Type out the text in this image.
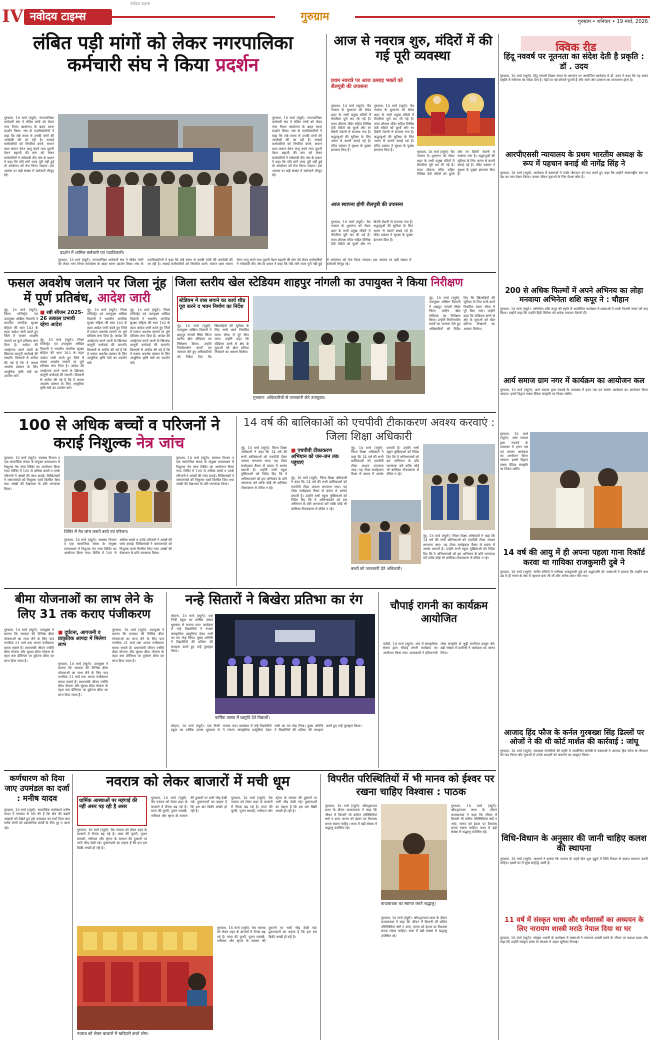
नवोदय टाइम्स
IV नवोदय टाइम्स	गुरुग्राम	गुरुग्राम • शनिवार • 19 मार्च, 2026
लंबित पड़ी मांगों को लेकर नगरपालिका
कर्मचारी संघ ने किया प्रदर्शन
गुरुग्राम, 18 मार्च (ब्यूरो): नगरपालिका कर्मचारी संघ ने लंबित मांगों को लेकर नगर निगम कार्यालय के बाहर धरना प्रदर्शन किया। संघ के पदाधिकारियों ने कहा कि लंबे समय से उनकी मांगों की अनदेखी की जा रही है। सफाई कर्मचारियों को नियमित करने, समान काम समान वेतन लागू करने तथा पुरानी पेंशन बहाली की मांग को लेकर कर्मचारियों ने नारेबाजी की। संघ के प्रधान ने कहा कि यदि मांगें जल्द पूरी नहीं हुईं तो आंदोलन को तेज किया जाएगा। इस अवसर पर बड़ी संख्या में कर्मचारी मौजूद रहे।
प्रदर्शन में शामिल कर्मचारी एवं पदाधिकारी।
गुरुग्राम, 18 मार्च (ब्यूरो): नगरपालिका कर्मचारी संघ ने लंबित मांगों को लेकर नगर निगम कार्यालय के बाहर धरना प्रदर्शन किया। संघ के पदाधिकारियों ने कहा कि लंबे समय से उनकी मांगों की अनदेखी की जा रही है। सफाई कर्मचारियों को नियमित करने, समान काम समान वेतन लागू करने तथा पुरानी पेंशन बहाली की मांग को लेकर कर्मचारियों ने नारेबाजी की। संघ के प्रधान ने कहा कि यदि मांगें जल्द पूरी नहीं हुईं तो आंदोलन को तेज किया जाएगा। इस अवसर पर बड़ी संख्या में कर्मचारी मौजूद रहे।
गुरुग्राम, 18 मार्च (ब्यूरो): नगरपालिका कर्मचारी संघ ने लंबित मांगों को लेकर नगर निगम कार्यालय के बाहर धरना प्रदर्शन किया। संघ के पदाधिकारियों ने कहा कि लंबे समय से उनकी मांगों की अनदेखी की जा रही है। सफाई कर्मचारियों को नियमित करने, समान काम समान वेतन लागू करने तथा पुरानी पेंशन बहाली की मांग को लेकर कर्मचारियों ने नारेबाजी की। संघ के प्रधान ने कहा कि यदि मांगें जल्द पूरी नहीं हुईं तो आंदोलन को तेज किया जाएगा। इस अवसर पर बड़ी संख्या में कर्मचारी मौजूद रहे।
आज से नवरात्र शुरु, मंदिरों में की गई पूरी व्यवस्था
प्रथम नवरात्रे पर आज उत्साह भक्तों को शैलपुत्री की उपासना
गुरुग्राम, 18 मार्च (ब्यूरो): चैत्र नवरात्र के शुभारंभ को लेकर शहर के सभी प्रमुख मंदिरों में तैयारियां पूरी कर ली गई हैं। माता शीतला मंदिर सहित विभिन्न देवी मंदिरों को फूलों और रंग बिरंगी रोशनी से सजाया गया है। श्रद्धालुओं की सुविधा के लिए अलग से कतारें बनाई गई हैं। मंदिर प्रबंधन ने सुरक्षा के पुख्ता इंतजाम किए हैं।
गुरुग्राम, 18 मार्च (ब्यूरो): चैत्र नवरात्र के शुभारंभ को लेकर शहर के सभी प्रमुख मंदिरों में तैयारियां पूरी कर ली गई हैं। माता शीतला मंदिर सहित विभिन्न देवी मंदिरों को फूलों और रंग बिरंगी रोशनी से सजाया गया है। श्रद्धालुओं की सुविधा के लिए अलग से कतारें बनाई गई हैं। मंदिर प्रबंधन ने सुरक्षा के पुख्ता इंतजाम किए हैं।
आज स्थापना होगी शैलपुत्री की उपासना
गुरुग्राम, 18 मार्च (ब्यूरो): चैत्र नवरात्र के शुभारंभ को लेकर शहर के सभी प्रमुख मंदिरों में तैयारियां पूरी कर ली गई हैं। माता शीतला मंदिर सहित विभिन्न देवी मंदिरों को फूलों और रंग बिरंगी रोशनी से सजाया गया है। श्रद्धालुओं की सुविधा के लिए अलग से कतारें बनाई गई हैं। मंदिर प्रबंधन ने सुरक्षा के पुख्ता इंतजाम किए हैं।
गुरुग्राम, 18 मार्च (ब्यूरो): चैत्र नवरात्र के शुभारंभ को लेकर शहर के सभी प्रमुख मंदिरों में तैयारियां पूरी कर ली गई हैं। माता शीतला मंदिर सहित विभिन्न देवी मंदिरों को फूलों और रंग बिरंगी रोशनी से सजाया गया है। श्रद्धालुओं की सुविधा के लिए अलग से कतारें बनाई गई हैं। मंदिर प्रबंधन ने सुरक्षा के पुख्ता इंतजाम किए हैं।
क्विक रीड
हिंदू नववर्ष पर नूतनता का संदेश देती है प्रकृति : डॉ . उदय
गुरुग्राम, 18 मार्च (ब्यूरो): हिंदू नववर्ष विक्रम संवत के आगमन पर आयोजित कार्यक्रम में डॉ. उदय ने कहा कि यह समय प्रकृति में नवीनता का संदेश देता है। पेड़ों पर नई कोंपलें फूटती हैं और चारों ओर उल्लास का वातावरण होता है।
आरपीएससी न्यायालय के प्रथम भारतीय अध्यक्ष के रूप में पहचान बनाई थी नागेंद्र सिंह ने
गुरुग्राम, 18 मार्च (ब्यूरो): कार्यक्रम में वक्ताओं ने उनके योगदान को याद करते हुए कहा कि उन्होंने अंतरराष्ट्रीय स्तर पर देश का नाम रोशन किया। उनका जीवन युवाओं के लिए प्रेरणा स्रोत है।
200 से अधिक फिल्मों में अपने अभिनय का लोहा मनवाया अभिनेता शशि कपूर ने : चौहान
गुरुग्राम, 18 मार्च (ब्यूरो): अभिनेता शशि कपूर की स्मृति में आयोजित कार्यक्रम में वक्ताओं ने उनके फिल्मी सफर को याद किया। उन्होंने कहा कि उन्होंने हिंदी सिनेमा को अनेक यादगार फिल्में दीं।
आर्य समाज ग्राम नगर में कार्यक्रम का आयोजन कल
गुरुग्राम, 18 मार्च (ब्यूरो): आर्य समाज द्वारा नववर्ष के उपलक्ष्य में हवन यज्ञ एवं सत्संग कार्यक्रम का आयोजन किया जाएगा। इसमें विद्वान वक्ता वैदिक संस्कृति पर विचार रखेंगे।
गुरुग्राम, 18 मार्च (ब्यूरो): आर्य समाज द्वारा नववर्ष के उपलक्ष्य में हवन यज्ञ एवं सत्संग कार्यक्रम का आयोजन किया जाएगा। इसमें विद्वान वक्ता वैदिक संस्कृति पर विचार रखेंगे।
14 वर्ष की आयु में ही अपना पहला गाना रिकॉर्ड करवा था गायिका राजकुमारी दुबे ने
गुरुग्राम, 18 मार्च (ब्यूरो): संगीत प्रेमियों ने गायिका राजकुमारी दुबे को श्रद्धांजलि दी। वक्ताओं ने बताया कि उन्होंने कम उम्र में ही गायन के क्षेत्र में पहचान बना ली थी और अनेक अमर गीत गाए।
आजाद हिंद फौज के कर्नल गुरबख्श सिंह ढिल्लों पर ओजों ने की थी कोर्ट मार्शल की कार्रवाई : जांघू
गुरुग्राम, 18 मार्च (ब्यूरो): स्वतंत्रता सेनानियों की स्मृति में आयोजित संगोष्ठी में वक्ताओं ने आजाद हिंद फौज के योगदान को याद किया और युवाओं से उनके आदर्शों को अपनाने का आह्वान किया।
विधि-विधान के अनुसार की जानी चाहिए कलश की स्थापना
गुरुग्राम, 18 मार्च (ब्यूरो): आचार्य ने बताया कि नवरात्र के पहले दिन शुभ मुहूर्त में विधि विधान से कलश स्थापना करनी चाहिए। इससे घर में सुख समृद्धि आती है।
11 वर्ष में संस्कृत भाषा और धर्मशास्त्रों का अध्ययन के लिए नारायण शास्त्री मराठे नेपाल दिया था घर
गुरुग्राम, 18 मार्च (ब्यूरो): संस्कृत भारती के कार्यक्रम में वक्ताओं ने नारायण शास्त्री मराठे के जीवन पर प्रकाश डाला और कहा कि उन्होंने संस्कृत भाषा के संरक्षण में अहम भूमिका निभाई।
फसल अवशेष जलाने पर जिला नूंह में पूर्ण प्रतिबंध, आदेश जारी
नूंह, 18 मार्च (ब्यूरो): जिला मजिस्ट्रेट एवं उपायुक्त अखिल पिलानी ने भारतीय नागरिक सुरक्षा संहिता की धारा 163 के तहत आदेश जारी करते हुए जिले में फसल अवशेष जलाने पर पूर्ण प्रतिबंध लगा दिया है। आदेश की अवहेलना करने वालों के खिलाफ कानूनी कार्रवाई की जाएगी। किसानों से अपील की गई है कि वे फसल अवशेष प्रबंधन के लिए आधुनिक कृषि यंत्रों का उपयोग करें।
■ रबी सीजन 2025-26 तत्काल प्रभावी रहेगा आदेश
नूंह, 18 मार्च (ब्यूरो): जिला मजिस्ट्रेट एवं उपायुक्त अखिल पिलानी ने भारतीय नागरिक सुरक्षा संहिता की धारा 163 के तहत आदेश जारी करते हुए जिले में फसल अवशेष जलाने पर पूर्ण प्रतिबंध लगा दिया है। आदेश की अवहेलना करने वालों के खिलाफ कानूनी कार्रवाई की जाएगी। किसानों से अपील की गई है कि वे फसल अवशेष प्रबंधन के लिए आधुनिक कृषि यंत्रों का उपयोग करें।
नूंह, 18 मार्च (ब्यूरो): जिला मजिस्ट्रेट एवं उपायुक्त अखिल पिलानी ने भारतीय नागरिक सुरक्षा संहिता की धारा 163 के तहत आदेश जारी करते हुए जिले में फसल अवशेष जलाने पर पूर्ण प्रतिबंध लगा दिया है। आदेश की अवहेलना करने वालों के खिलाफ कानूनी कार्रवाई की जाएगी। किसानों से अपील की गई है कि वे फसल अवशेष प्रबंधन के लिए आधुनिक कृषि यंत्रों का उपयोग करें।
नूंह, 18 मार्च (ब्यूरो): जिला मजिस्ट्रेट एवं उपायुक्त अखिल पिलानी ने भारतीय नागरिक सुरक्षा संहिता की धारा 163 के तहत आदेश जारी करते हुए जिले में फसल अवशेष जलाने पर पूर्ण प्रतिबंध लगा दिया है। आदेश की अवहेलना करने वालों के खिलाफ कानूनी कार्रवाई की जाएगी। किसानों से अपील की गई है कि वे फसल अवशेष प्रबंधन के लिए आधुनिक कृषि यंत्रों का उपयोग करें।
जिला स्तरीय खेल स्टेडियम शाहपुर नांगली का उपायुक्त ने किया निरीक्षण
स्टेडियम में वास सगाने का कार्य शीघ्र पूरा करने व भवन निर्माण का निर्देश
नूंह, 18 मार्च (ब्यूरो): उपायुक्त अखिल पिलानी ने शाहपुर नांगली स्थित जिला स्तरीय खेल स्टेडियम का निरीक्षण किया। उन्होंने निर्माणाधीन कार्यों का जायजा लेते हुए अधिकारियों को निर्देश दिए कि खिलाड़ियों की सुविधा के लिए सभी कार्य निर्धारित समय सीमा में पूरे किए जाएं। उन्होंने कहा कि स्टेडियम बनने से क्षेत्र के युवाओं को खेल प्रतिभा निखारने का अवसर मिलेगा।
गुरुग्राम: अधिकारियों से जानकारी लेते उपायुक्त।
नूंह, 18 मार्च (ब्यूरो): उपायुक्त अखिल पिलानी ने शाहपुर नांगली स्थित जिला स्तरीय खेल स्टेडियम का निरीक्षण किया। उन्होंने निर्माणाधीन कार्यों का जायजा लेते हुए अधिकारियों को निर्देश दिए कि खिलाड़ियों की सुविधा के लिए सभी कार्य निर्धारित समय सीमा में पूरे किए जाएं। उन्होंने कहा कि स्टेडियम बनने से क्षेत्र के युवाओं को खेल प्रतिभा निखारने का अवसर मिलेगा।
100 से अधिक बच्चों व परिजनों ने कराई निशुल्क नेत्र जांच
गुरुग्राम, 18 मार्च (ब्यूरो): स्वास्थ्य विभाग व एक सामाजिक संस्था के संयुक्त तत्वावधान में निशुल्क नेत्र जांच शिविर का आयोजन किया गया। शिविर में 100 से अधिक बच्चों व उनके परिजनों ने आंखों की जांच कराई। चिकित्सकों ने जरूरतमंदों को निशुल्क चश्मे वितरित किए तथा आंखों की देखभाल के प्रति जागरूक किया।
शिविर में नेत्र जांच कराते बच्चे एवं परिजन।
गुरुग्राम, 18 मार्च (ब्यूरो): स्वास्थ्य विभाग व एक सामाजिक संस्था के संयुक्त तत्वावधान में निशुल्क नेत्र जांच शिविर का आयोजन किया गया। शिविर में 100 से अधिक बच्चों व उनके परिजनों ने आंखों की जांच कराई। चिकित्सकों ने जरूरतमंदों को निशुल्क चश्मे वितरित किए तथा आंखों की देखभाल के प्रति जागरूक किया।
गुरुग्राम, 18 मार्च (ब्यूरो): स्वास्थ्य विभाग व एक सामाजिक संस्था के संयुक्त तत्वावधान में निशुल्क नेत्र जांच शिविर का आयोजन किया गया। शिविर में 100 से अधिक बच्चों व उनके परिजनों ने आंखों की जांच कराई। चिकित्सकों ने जरूरतमंदों को निशुल्क चश्मे वितरित किए तथा आंखों की देखभाल के प्रति जागरूक किया।
14 वर्ष की बालिकाओं को एचपीवी टीकाकरण अवश्य करवाएं : जिला शिक्षा अधिकारी
नूंह, 18 मार्च (ब्यूरो): जिला शिक्षा अधिकारी ने कहा कि 14 वर्ष की सभी बालिकाओं को एचपीवी टीका अवश्य लगवाया जाए। यह टीका सर्वाइकल कैंसर से बचाव में अत्यंत प्रभावी है। उन्होंने सभी स्कूल मुखियाओं को निर्देश दिए कि वे अभिभावकों को इस अभियान के प्रति जागरूक करें ताकि कोई भी बालिका टीकाकरण से वंचित न रहे।
■ एचपीवी टीकाकरण अभियान को जन-जन तक पहुंचाएं
नूंह, 18 मार्च (ब्यूरो): जिला शिक्षा अधिकारी ने कहा कि 14 वर्ष की सभी बालिकाओं को एचपीवी टीका अवश्य लगवाया जाए। यह टीका सर्वाइकल कैंसर से बचाव में अत्यंत प्रभावी है। उन्होंने सभी स्कूल मुखियाओं को निर्देश दिए कि वे अभिभावकों को इस अभियान के प्रति जागरूक करें ताकि कोई भी बालिका टीकाकरण से वंचित न रहे।
नूंह, 18 मार्च (ब्यूरो): जिला शिक्षा अधिकारी ने कहा कि 14 वर्ष की सभी बालिकाओं को एचपीवी टीका अवश्य लगवाया जाए। यह टीका सर्वाइकल कैंसर से बचाव में अत्यंत प्रभावी है। उन्होंने सभी स्कूल मुखियाओं को निर्देश दिए कि वे अभिभावकों को इस अभियान के प्रति जागरूक करें ताकि कोई भी बालिका टीकाकरण से वंचित न रहे।
बच्चों को जानकारी देते अधिकारी।
नूंह, 18 मार्च (ब्यूरो): जिला शिक्षा अधिकारी ने कहा कि 14 वर्ष की सभी बालिकाओं को एचपीवी टीका अवश्य लगवाया जाए। यह टीका सर्वाइकल कैंसर से बचाव में अत्यंत प्रभावी है। उन्होंने सभी स्कूल मुखियाओं को निर्देश दिए कि वे अभिभावकों को इस अभियान के प्रति जागरूक करें ताकि कोई भी बालिका टीकाकरण से वंचित न रहे।
बीमा योजनाओं का लाभ लेने के लिए 31 तक कराए पंजीकरण
गुरुग्राम, 18 मार्च (ब्यूरो): उपायुक्त ने बताया कि सरकार की विभिन्न बीमा योजनाओं का लाभ लेने के लिए पात्र नागरिक 31 मार्च तक अपना पंजीकरण करवा सकते हैं। प्रधानमंत्री जीवन ज्योति बीमा योजना और सुरक्षा बीमा योजना के तहत कम प्रीमियम पर दुर्घटना बीमा का लाभ दिया जाता है।
■ दुर्घटना, आगजनी व प्राकृतिक आपदा में मिलेगा लाभ
गुरुग्राम, 18 मार्च (ब्यूरो): उपायुक्त ने बताया कि सरकार की विभिन्न बीमा योजनाओं का लाभ लेने के लिए पात्र नागरिक 31 मार्च तक अपना पंजीकरण करवा सकते हैं। प्रधानमंत्री जीवन ज्योति बीमा योजना और सुरक्षा बीमा योजना के तहत कम प्रीमियम पर दुर्घटना बीमा का लाभ दिया जाता है।
गुरुग्राम, 18 मार्च (ब्यूरो): उपायुक्त ने बताया कि सरकार की विभिन्न बीमा योजनाओं का लाभ लेने के लिए पात्र नागरिक 31 मार्च तक अपना पंजीकरण करवा सकते हैं। प्रधानमंत्री जीवन ज्योति बीमा योजना और सुरक्षा बीमा योजना के तहत कम प्रीमियम पर दुर्घटना बीमा का लाभ दिया जाता है।
नन्हे सितारों ने बिखेरा प्रतिभा का रंग
सोहना, 18 मार्च (ब्यूरो): एक निजी स्कूल का वार्षिक उत्सव धूमधाम से मनाया गया। कार्यक्रम में नन्हे विद्यार्थियों ने रंगारंग सांस्कृतिक प्रस्तुतियां देकर सभी का मन मोह लिया। मुख्य अतिथि ने विद्यार्थियों की प्रतिभा की सराहना करते हुए उन्हें पुरस्कृत किया।
वार्षिक उत्सव में प्रस्तुति देते विद्यार्थी।
सोहना, 18 मार्च (ब्यूरो): एक निजी स्कूल का वार्षिक उत्सव धूमधाम से मनाया गया। कार्यक्रम में नन्हे विद्यार्थियों ने रंगारंग सांस्कृतिक प्रस्तुतियां देकर सभी का मन मोह लिया। मुख्य अतिथि ने विद्यार्थियों की प्रतिभा की सराहना करते हुए उन्हें पुरस्कृत किया।
चौपाई रागनी का कार्यक्रम आयोजित
पटौदी, 18 मार्च (ब्यूरो): गांव में सांस्कृतिक संस्था द्वारा चौपाई रागनी कार्यक्रम का आयोजन किया गया। कलाकारों ने हरियाणवी लोक संस्कृति से जुड़ी रागनियां प्रस्तुत कीं। बड़ी संख्या में ग्रामीणों ने कार्यक्रम का आनंद लिया।
कर्णधारण को दिया जाए उपमंडल का दर्जा : मनीष यादव
गुरुग्राम, 18 मार्च (ब्यूरो): सामाजिक कार्यकर्ता मनीष यादव ने सरकार से मांग की है कि क्षेत्र की बढ़ती आबादी को देखते हुए इसे उपमंडल का दर्जा दिया जाए ताकि लोगों को प्रशासनिक कार्यों के लिए दूर न जाना पड़े।
नवरात्र को लेकर बाजारों में मची धूम
धार्मिक आस्थाओं पर महंगाई की नहीं असर पड़ रही है असर
गुरुग्राम, 18 मार्च (ब्यूरो): चैत्र नवरात्र को लेकर शहर के बाजारों में रौनक बढ़ गई है। माता की चुनरी, पूजन सामग्री, नारियल और श्रृंगार के सामान की दुकानों पर भारी भीड़ देखी गई। दुकानदारों का कहना है कि इस बार बिक्री अच्छी हो रही है।
गुरुग्राम, 18 मार्च (ब्यूरो): चैत्र नवरात्र को लेकर शहर के बाजारों में रौनक बढ़ गई है। माता की चुनरी, पूजन सामग्री, नारियल और श्रृंगार के सामान की दुकानों पर भारी भीड़ देखी गई। दुकानदारों का कहना है कि इस बार बिक्री अच्छी हो रही है।
गुरुग्राम, 18 मार्च (ब्यूरो): चैत्र नवरात्र को लेकर शहर के बाजारों में रौनक बढ़ गई है। माता की चुनरी, पूजन सामग्री, नारियल और श्रृंगार के सामान की दुकानों पर भारी भीड़ देखी गई। दुकानदारों का कहना है कि इस बार बिक्री अच्छी हो रही है।
नवरात्र को लेकर बाजारों में खरीदारी करते लोग।
गुरुग्राम, 18 मार्च (ब्यूरो): चैत्र नवरात्र को लेकर शहर के बाजारों में रौनक बढ़ गई है। माता की चुनरी, पूजन सामग्री, नारियल और श्रृंगार के सामान की दुकानों पर भारी भीड़ देखी गई। दुकानदारों का कहना है कि इस बार बिक्री अच्छी हो रही है।
विपरीत परिस्थितियों में भी मानव को ईश्वर पर रखना चाहिए विश्वास : पाठक
गुरुग्राम, 18 मार्च (ब्यूरो): श्रीमद्भागवत कथा के दौरान कथावाचक ने कहा कि जीवन में कितनी भी कठिन परिस्थितियां क्यों न आएं, मानव को ईश्वर पर विश्वास बनाए रखना चाहिए। कथा में बड़ी संख्या में श्रद्धालु उपस्थित रहे।
कथावाचक का स्वागत करते श्रद्धालु।
गुरुग्राम, 18 मार्च (ब्यूरो): श्रीमद्भागवत कथा के दौरान कथावाचक ने कहा कि जीवन में कितनी भी कठिन परिस्थितियां क्यों न आएं, मानव को ईश्वर पर विश्वास बनाए रखना चाहिए। कथा में बड़ी संख्या में श्रद्धालु उपस्थित रहे।
गुरुग्राम, 18 मार्च (ब्यूरो): श्रीमद्भागवत कथा के दौरान कथावाचक ने कहा कि जीवन में कितनी भी कठिन परिस्थितियां क्यों न आएं, मानव को ईश्वर पर विश्वास बनाए रखना चाहिए। कथा में बड़ी संख्या में श्रद्धालु उपस्थित रहे।
